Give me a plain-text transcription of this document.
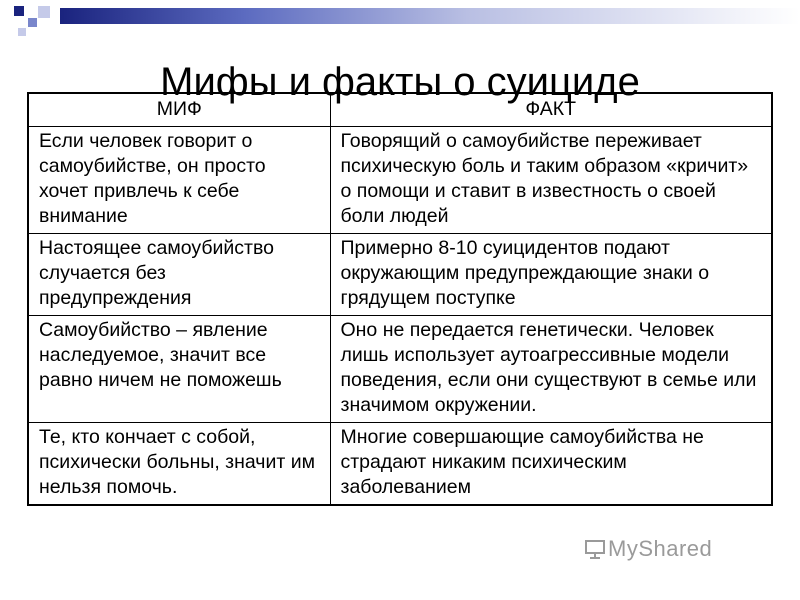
Мифы и факты о суициде
МИФ	ФАКТ
Если человек говорит о самоубийстве, он просто хочет привлечь к себе внимание	Говорящий о самоубийстве переживает психическую боль и таким образом «кричит» о помощи и ставит в известность о своей боли людей
Настоящее самоубийство случается без предупреждения	Примерно 8-10 суицидентов подают окружающим предупреждающие знаки о грядущем поступке
Самоубийство – явление наследуемое, значит все равно ничем не поможешь	Оно не передается генетически. Человек лишь использует аутоагрессивные модели поведения, если они существуют в семье или значимом окружении.
Те, кто кончает с собой, психически больны, значит им нельзя помочь.	Многие совершающие самоубийства не страдают никаким психическим заболеванием
MyShared
